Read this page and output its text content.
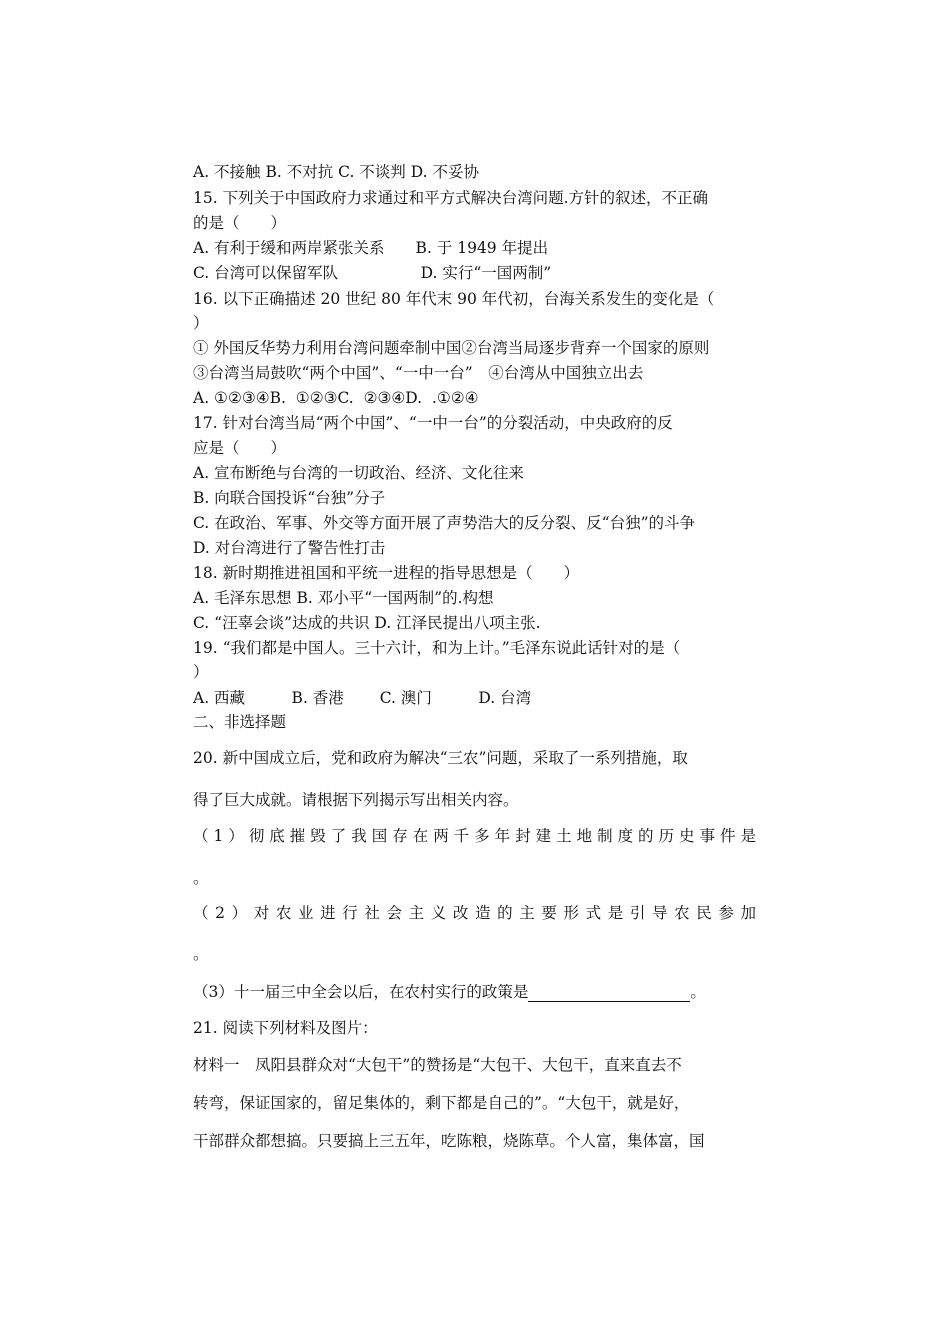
A. 不接触 B. 不对抗 C. 不谈判 D. 不妥协
15. 下列关于中国政府力求通过和平方式解决台湾问题.方针的叙述，不正确
的是（　　）
A. 有利于缓和两岸紧张关系　　B. 于 1949 年提出
C. 台湾可以保留军队　　　　　 D. 实行“一国两制”
16. 以下正确描述 20 世纪 80 年代末 90 年代初，台海关系发生的变化是（
）
① 外国反华势力利用台湾问题牵制中国②台湾当局逐步背弃一个国家的原则
③台湾当局鼓吹“两个中国”、“一中一台”　④台湾从中国独立出去
A. ①②③④B.  ①②③C.  ②③④D.  .①②④
17. 针对台湾当局“两个中国”、“一中一台”的分裂活动，中央政府的反
应是（　　）
A. 宣布断绝与台湾的一切政治、经济、文化往来
B. 向联合国投诉“台独”分子
C. 在政治、军事、外交等方面开展了声势浩大的反分裂、反“台独”的斗争
D. 对台湾进行了警告性打击
18. 新时期推进祖国和平统一进程的指导思想是（　　）
A. 毛泽东思想 B. 邓小平“一国两制”的.构想
C. “汪辜会谈”达成的共识 D. 江泽民提出八项主张.
19. “我们都是中国人。三十六计，和为上计。”毛泽东说此话针对的是（
）
A. 西藏　　　B. 香港　　 C. 澳门　　　D. 台湾
二、非选择题
20. 新中国成立后，党和政府为解决“三农”问题，采取了一系列措施，取
得了巨大成就。请根据下列揭示写出相关内容。
（1）彻底摧毁了我国存在两千多年封建土地制度的历史事件是
。
（2）对农业进行社会主义改造的主要形式是引导农民参加
。
（3）十一届三中全会以后，在农村实行的政策是	。
21. 阅读下列材料及图片：
材料一　凤阳县群众对“大包干”的赞扬是“大包干、大包干，直来直去不
转弯，保证国家的，留足集体的，剩下都是自己的”。“大包干，就是好，
干部群众都想搞。只要搞上三五年，吃陈粮，烧陈草。个人富，集体富，国
